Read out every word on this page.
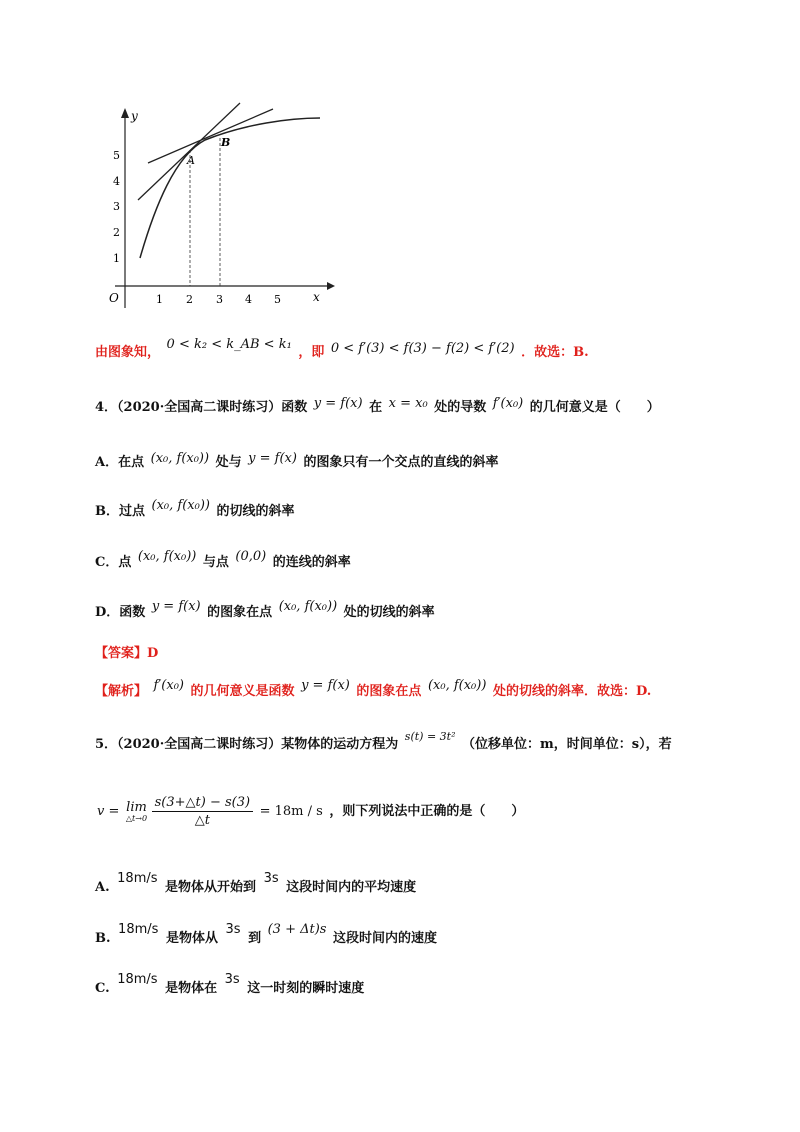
y
x
O
1
2
3
4
5
1 2 3 4 5
A
B
由图象知， 0 < k₂ < k_AB < k₁ ，即 0 < f′(3) < f(3) − f(2) < f′(2) ．故选：B.
4．（2020·全国高二课时练习）函数 y = f(x) 在 x = x₀ 处的导数 f′(x₀) 的几何意义是（　　）
A．在点 (x₀, f(x₀)) 处与 y = f(x) 的图象只有一个交点的直线的斜率
B．过点 (x₀, f(x₀)) 的切线的斜率
C．点 (x₀, f(x₀)) 与点 (0,0) 的连线的斜率
D．函数 y = f(x) 的图象在点 (x₀, f(x₀)) 处的切线的斜率
【答案】D
【解析】 f′(x₀) 的几何意义是函数 y = f(x) 的图象在点 (x₀, f(x₀)) 处的切线的斜率．故选：D.
5．（2020·全国高二课时练习）某物体的运动方程为 $^{s(t) = 3t^2}$ （位移单位：m，时间单位：s），若
v = lim
△t→0
$\frac{s(3+\triangle t) - s(3)}{\triangle t} = 18m / s$ ，则下列说法中正确的是（　　）
A. 18m/s 是物体从开始到 3s 这段时间内的平均速度
B. 18m/s 是物体从 3s 到 (3 + Δt)s 这段时间内的速度
C. 18m/s 是物体在 3s 这一时刻的瞬时速度
